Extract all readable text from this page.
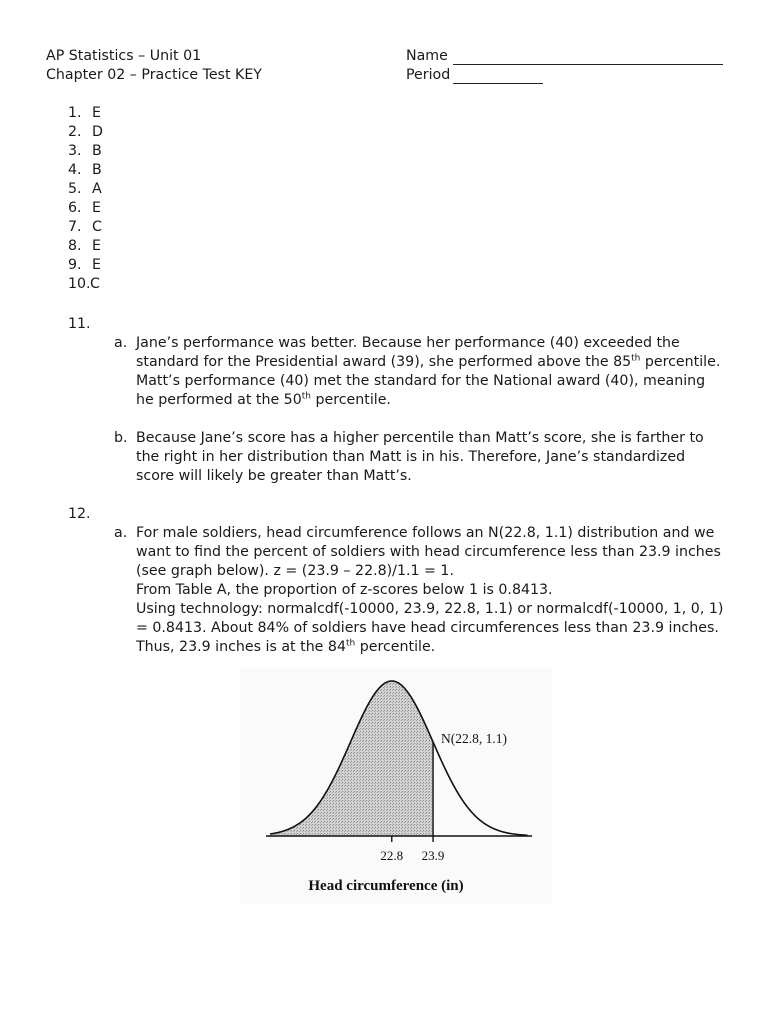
AP Statistics – Unit 01
Chapter 02 – Practice Test KEY
Name
Period
1. E
2. D
3. B
4. B
5. A
6. E
7. C
8. E
9. E
10.C
11.
a. Jane’s performance was better. Because her performance (40) exceeded the standard for the Presidential award (39), she performed above the 85th percentile. Matt’s performance (40) met the standard for the National award (40), meaning he performed at the 50th percentile.
b. Because Jane’s score has a higher percentile than Matt’s score, she is farther to the right in her distribution than Matt is in his. Therefore, Jane’s standardized score will likely be greater than Matt’s.
12.
a. For male soldiers, head circumference follows an N(22.8, 1.1) distribution and we want to find the percent of soldiers with head circumference less than 23.9 inches (see graph below). z = (23.9 – 22.8)/1.1 = 1.
From Table A, the proportion of z-scores below 1 is 0.8413.
Using technology: normalcdf(-10000, 23.9, 22.8, 1.1) or normalcdf(-10000, 1, 0, 1) = 0.8413. About 84% of soldiers have head circumferences less than 23.9 inches.
Thus, 23.9 inches is at the 84th percentile.
22.8 23.9
N(22.8, 1.1)
Head circumference (in)
